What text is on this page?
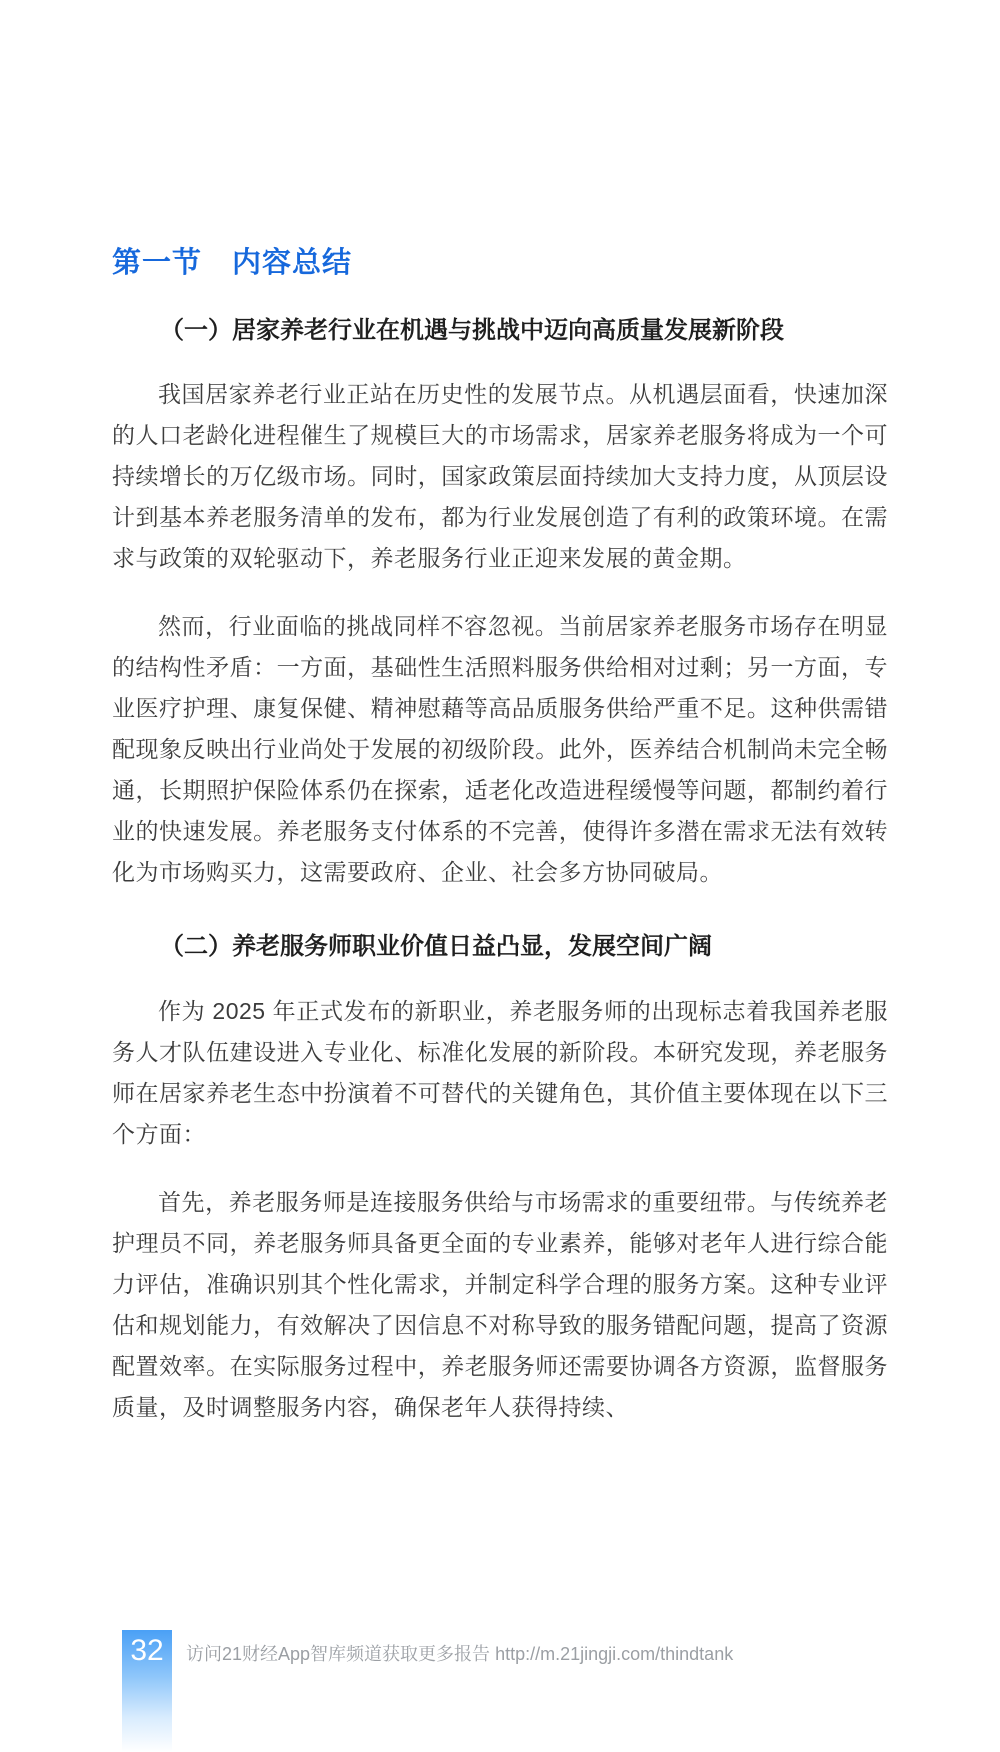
第一节　内容总结
（一）居家养老行业在机遇与挑战中迈向高质量发展新阶段

我国居家养老行业正站在历史性的发展节点。从机遇层面看，快速加深的人口老龄化进程催生了规模巨大的市场需求，居家养老服务将成为一个可持续增长的万亿级市场。同时，国家政策层面持续加大支持力度，从顶层设计到基本养老服务清单的发布，都为行业发展创造了有利的政策环境。在需求与政策的双轮驱动下，养老服务行业正迎来发展的黄金期。

然而，行业面临的挑战同样不容忽视。当前居家养老服务市场存在明显的结构性矛盾：一方面，基础性生活照料服务供给相对过剩；另一方面，专业医疗护理、康复保健、精神慰藉等高品质服务供给严重不足。这种供需错配现象反映出行业尚处于发展的初级阶段。此外，医养结合机制尚未完全畅通，长期照护保险体系仍在探索，适老化改造进程缓慢等问题，都制约着行业的快速发展。养老服务支付体系的不完善，使得许多潜在需求无法有效转化为市场购买力，这需要政府、企业、社会多方协同破局。

（二）养老服务师职业价值日益凸显，发展空间广阔

作为 2025 年正式发布的新职业，养老服务师的出现标志着我国养老服务人才队伍建设进入专业化、标准化发展的新阶段。本研究发现，养老服务师在居家养老生态中扮演着不可替代的关键角色，其价值主要体现在以下三个方面：

首先，养老服务师是连接服务供给与市场需求的重要纽带。与传统养老护理员不同，养老服务师具备更全面的专业素养，能够对老年人进行综合能力评估，准确识别其个性化需求，并制定科学合理的服务方案。这种专业评估和规划能力，有效解决了因信息不对称导致的服务错配问题，提高了资源配置效率。在实际服务过程中，养老服务师还需要协调各方资源，监督服务质量，及时调整服务内容，确保老年人获得持续、

32	访问21财经App智库频道获取更多报告 http://m.21jingji.com/thindtank
